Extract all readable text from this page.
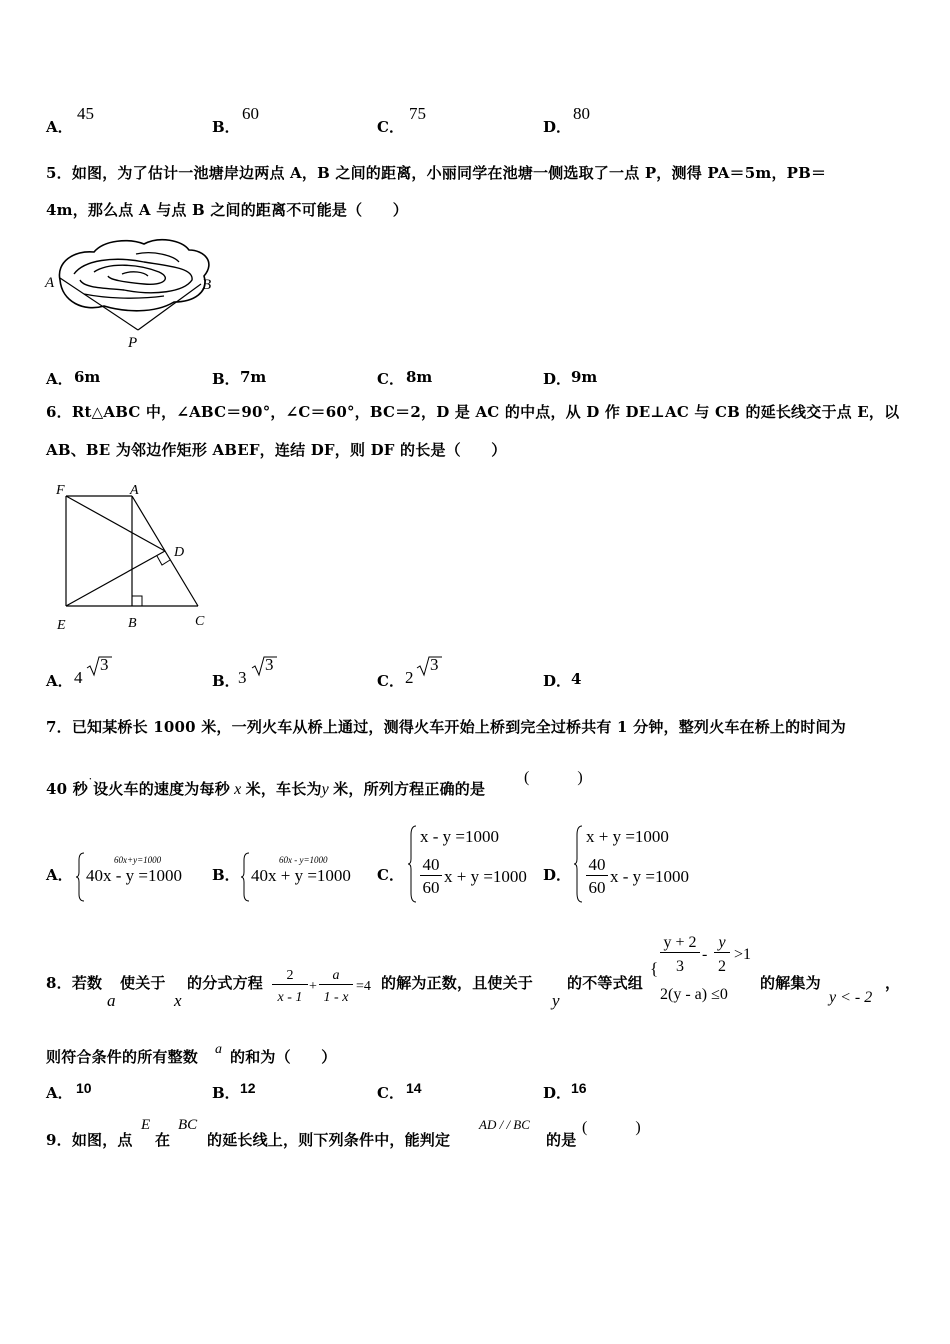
A．
45
B．
60
C．
75
D．
80
5．如图，为了估计一池塘岸边两点 A，B 之间的距离，小丽同学在池塘一侧选取了一点 P，测得 PA＝5m，PB＝
4m，那么点 A 与点 B 之间的距离不可能是（　　）
A	B
P
A． 6m	B． 7m	C． 8m	D． 9m
6．Rt△ABC 中，∠ABC＝90°，∠C＝60°，BC＝2，D 是 AC 的中点，从 D 作 DE⊥AC 与 CB 的延长线交于点 E，以
AB、BE 为邻边作矩形 ABEF，连结 DF，则 DF 的长是（　　）
F	A
D
E	B	C
A． 4
3
B．
3
3
C． 2
3
D． 4
7．已知某桥长 1000 米，一列火车从桥上通过，测得火车开始上桥到完全过桥共有 1 分钟，整列火车在桥上的时间为
40 秒˙设火车的速度为每秒 x 米，车长为y 米，所列方程正确的是
(　　　)
A．
60x+y=1000
40x - y =1000 B．
60x - y=1000
40x + y =1000 C．
x - y =1000
40
60
x + y =1000 D．
x + y =1000
40
60
x - y =1000
8．若数
a
使关于
x
的分式方程	2
x - 1
+
a
1 - x
=4 的解为正数，且使关于
y
的不等式组
{
y + 2
3
-
y
2
>1
2(y - a) ≤0
的解集为
y < - 2
，
则符合条件的所有整数 a 的和为（　　）
A． 10	B． 12	C． 14	D． 16
9．如图，点
E
在
BC
的延长线上，则下列条件中，能判定
AD / / BC
的是
(　　　)
